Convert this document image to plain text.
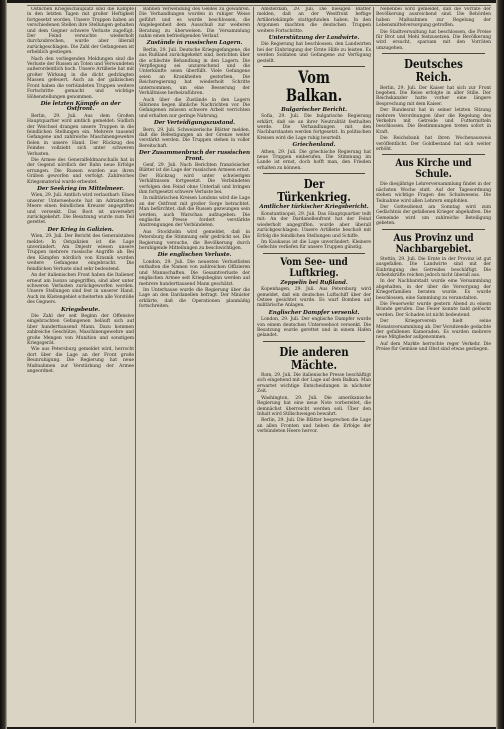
Östlichen Kriegsschauplatz sind die Kämpfe in den letzten Tagen mit großer Heftigkeit fortgesetzt worden. Unsere Truppen haben an verschiedenen Stellen ihre Stellungen gehalten und dem Gegner schwere Verluste zugefügt. Der Feind versuchte wiederholt durchzubrechen, wurde aber überall zurückgeschlagen. Die Zahl der Gefangenen ist erheblich gestiegen.

Nach den vorliegenden Meldungen sind die Verluste der Russen an Toten und Verwundeten außerordentlich hoch. Unsere Artillerie hat mit großer Wirkung in die dicht gedrängten Massen gefeuert. Auch an der galizischen Front haben die verbündeten Truppen weitere Fortschritte gemacht und wichtige Höhenstellungen genommen.

Die letzten Kämpfe an der Ostfront.

Berlin, 29. Juli. Aus dem Großen Hauptquartier wird amtlich gemeldet: Südlich der Weichsel drangen unsere Truppen in die feindlichen Stellungen ein. Mehrere tausend Gefangene und zahlreiche Maschinengewehre fielen in unsere Hand. Der Rückzug des Feindes vollzieht sich unter schweren Verlusten.

Die Armee des Generalfeldmarschalls hat in der Gegend nördlich der Bahn neue Erfolge errungen. Die Russen wurden aus ihren Gräben geworfen und verfolgt. Zahlreiches Kriegsmaterial wurde erbeutet.

Der Seekrieg im Mittelmeer.

Wien, 29. Juli. Amtlich wird verlautbart: Eines unserer Unterseeboote hat im Adriatischen Meere einen feindlichen Kreuzer angegriffen und versenkt. Das Boot ist unversehrt zurückgekehrt. Die Besatzung wurde zum Teil gerettet.

Der Krieg in Galizien.

Wien, 29. Juli. Der Bericht des Generalstabes meldet: In Ostgalizien ist die Lage unverändert. Am Dnjestr wiesen unsere Truppen mehrere russische Angriffe ab. Bei den Kämpfen nördlich von Krasnik wurden weitere Gefangene eingebracht. Die feindlichen Verluste sind sehr bedeutend.

An der italienischen Front haben die Italiener erneut am Isonzo angegriffen, sind aber unter schweren Verlusten zurückgeworfen worden. Unsere Stellungen sind fest in unserer Hand. Auch im Küstengebiet scheiterten alle Vorstöße des Gegners.

Kriegsbeute.

Die Zahl der seit Beginn der Offensive eingebrachten Gefangenen beläuft sich auf über hunderttausend Mann. Dazu kommen zahlreiche Geschütze, Maschinengewehre und große Mengen von Munition und sonstigem Kriegsgerät.

Wie aus Petersburg gemeldet wird, herrscht dort über die Lage an der Front große Beunruhigung. Die Regierung hat neue Maßnahmen zur Verstärkung der Armee angeordnet.

Bahnen Verwendung des Geldes zu gewähren. Die Verhandlungen wurden in ruhiger Weise geführt und es wurde beschlossen, die Angelegenheit dem Ausschuß zur weiteren Beratung zu überweisen. Die Versammlung nahm einen befriedigenden Verlauf.

Zustände in russischen Lagern.

Berlin, 29. Juli. Deutsche Kriegsgefangene, die aus Rußland zurückgekehrt sind, berichten über die schlechte Behandlung in den Lagern. Die Verpflegung sei unzureichend und die Unterkünfte seien überfüllt. Viele Gefangene seien an Krankheiten gestorben. Die Reichsregierung hat wiederholt Schritte unternommen, um eine Besserung der Verhältnisse herbeizuführen.

Auch über die Zustände in den Lagern Sibiriens liegen ähnliche Nachrichten vor. Die Gefangenen müssen schwere Arbeit verrichten und erhalten nur geringe Nahrung.

Der Verteidigungszustand.

Bern, 29. Juli. Schweizerische Blätter melden, daß die Befestigungen an der Grenze weiter verstärkt werden. Die Truppen stehen in voller Bereitschaft.

Der Zusammenbruch der russischen Front.

Genf, 29. Juli. Nach Berichten französischer Blätter ist die Lage der russischen Armeen ernst. Der Rückzug wird unter schwierigen Verhältnissen fortgesetzt. Die Verbündeten verfolgen den Feind ohne Unterlaß und bringen ihm fortgesetzt schwere Verluste bei.

In militärischen Kreisen Londons wird die Lage an der Ostfront mit großer Sorge betrachtet. Man befürchtet, daß die Russen gezwungen sein werden, auch Warschau aufzugeben. Die englische Presse fordert verstärkte Anstrengungen der Verbündeten.

Aus Stockholm wird gemeldet, daß in Petersburg die Stimmung sehr gedrückt sei. Die Regierung versuche, die Bevölkerung durch beruhigende Mitteilungen zu beschwichtigen.

Die englischen Verluste.

London, 29. Juli. Die neuesten Verlustlisten enthalten die Namen von zahlreichen Offizieren und Mannschaften. Die Gesamtverluste der englischen Armee seit Kriegsbeginn werden auf mehrere hunderttausend Mann geschätzt.

Im Unterhause wurde die Regierung über die Lage an den Dardanellen befragt. Der Minister erklärte, daß die Operationen planmäßig fortschreiten.

Amsterdam, 29. Juli. Die hiesigen Blätter melden, daß an der Westfront heftige Artilleriekämpfe stattgefunden haben. In den Argonnen machten die deutschen Truppen weitere Fortschritte.

Unterstützung der Landwirte.

Die Regierung hat beschlossen, den Landwirten bei der Einbringung der Ernte Hilfe zu leisten. Es werden Soldaten und Gefangene zur Verfügung gestellt.

Vom Balkan.
Bulgarischer Bericht.

Sofia, 29. Juli. Die bulgarische Regierung erklärt, daß sie an ihrer Neutralität festhalten werde. Die Verhandlungen mit den Nachbarstaaten werden fortgesetzt. In politischen Kreisen wird die Lage ruhig beurteilt.

Griechenland.

Athen, 29. Juli. Die griechische Regierung hat neue Truppen einberufen. Die Stimmung im Lande ist ernst, doch hofft man, den Frieden erhalten zu können.

Der Türkenkrieg.
Amtlicher türkischer Kriegsbericht.

Konstantinopel, 29. Juli. Das Hauptquartier teilt mit: An der Dardanellenfront hat der Feind wiederholt angegriffen, wurde aber überall zurückgeschlagen. Unsere Artillerie beschoß mit Erfolg die feindlichen Stellungen und Schiffe.

Im Kaukasus ist die Lage unverändert. Kleinere Gefechte verliefen für unsere Truppen günstig.

Vom See- und Luftkrieg.
Zeppelin bei Rußland.

Kopenhagen, 29. Juli. Aus Petersburg wird gemeldet, daß ein deutsches Luftschiff über der Ostsee gesichtet wurde. Es warf Bomben auf militärische Anlagen.

Englischer Dampfer versenkt.

London, 29. Juli. Der englische Dampfer wurde von einem deutschen Unterseeboot versenkt. Die Besatzung wurde gerettet und in einem Hafen gelandet.

Die anderen Mächte.

Rom, 29. Juli. Die italienische Presse beschäftigt sich eingehend mit der Lage auf dem Balkan. Man erwartet wichtige Entscheidungen in nächster Zeit.

Washington, 29. Juli. Die amerikanische Regierung hat eine neue Note vorbereitet, die demnächst überreicht werden soll. Über den Inhalt wird Stillschweigen bewahrt.

Berlin, 29. Juli. Die Blätter besprechen die Lage an allen Fronten und heben die Erfolge der verbündeten Heere hervor.

Nebenbei wird gemeldet, daß die Vorräte der Bevölkerung ausreichend sind. Die Behörden haben Maßnahmen zur Regelung der Lebensmittelversorgung getroffen.

Die Stadtverwaltung hat beschlossen, die Preise für Brot und Mehl festzusetzen. Die Bevölkerung wird ersucht, sparsam mit den Vorräten umzugehen.

Deutsches Reich.

Berlin, 29. Juli. Der Kaiser hat sich zur Front begeben. Die Reise erfolgte in aller Stille. Der Reichskanzler hatte vorher eine längere Besprechung mit dem Kaiser.

Der Bundesrat hat in seiner letzten Sitzung mehrere Verordnungen über die Regelung des Verkehrs mit Getreide und Futtermitteln beschlossen. Die Bestimmungen treten sofort in Kraft.

Die Reichsbank hat ihren Wochenausweis veröffentlicht. Der Goldbestand hat sich weiter erhöht.

Aus Kirche und Schule.

Die diesjährige Lehrerversammlung findet in der nächsten Woche statt. Auf der Tagesordnung stehen wichtige Fragen des Schulwesens. Die Teilnahme wird allen Lehrern empfohlen.

Der Gottesdienst am Sonntag wird zum Gedächtnis der gefallenen Krieger abgehalten. Die Gemeinde wird um zahlreiche Beteiligung gebeten.

Aus Provinz und Nachbargebiet.

Stettin, 29. Juli. Die Ernte in der Provinz ist gut ausgefallen. Die Landwirte sind mit der Einbringung des Getreides beschäftigt. Die Arbeitskräfte reichen jedoch nicht überall aus.

In der Nachbarstadt wurde eine Versammlung abgehalten, in der über die Versorgung der Kriegerfamilien beraten wurde. Es wurde beschlossen, eine Sammlung zu veranstalten.

Die Feuerwehr wurde gestern Abend zu einem Brande gerufen. Das Feuer konnte bald gelöscht werden. Der Schaden ist nicht bedeutend.

Der Kriegerverein hielt seine Monatsversammlung ab. Der Vorsitzende gedachte der gefallenen Kameraden. Es wurden mehrere neue Mitglieder aufgenommen.

Auf dem Markte herrschte reger Verkehr. Die Preise für Gemüse und Obst sind etwas gestiegen.
